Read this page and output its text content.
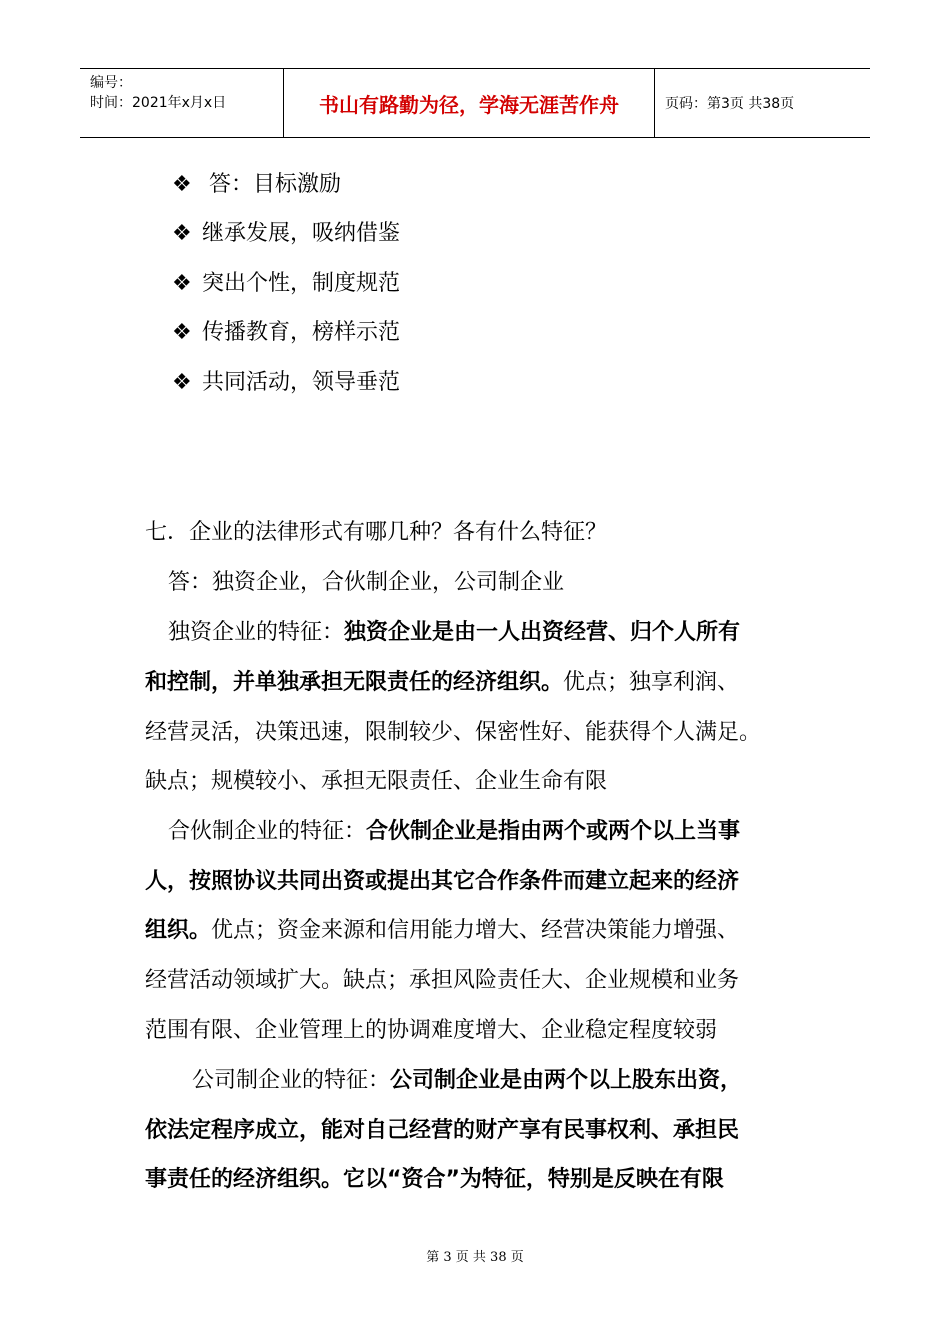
编号：
时间：2021年x月x日	书山有路勤为径，学海无涯苦作舟	页码：第3页 共38页
❖ 答：目标激励
❖ 继承发展，吸纳借鉴
❖ 突出个性，制度规范
❖ 传播教育，榜样示范
❖ 共同活动，领导垂范
七．企业的法律形式有哪几种？各有什么特征？
答：独资企业，合伙制企业，公司制企业
独资企业的特征：独资企业是由一人出资经营、归个人所有
和控制，并单独承担无限责任的经济组织。优点；独享利润、
经营灵活，决策迅速，限制较少、保密性好、能获得个人满足。
缺点；规模较小、承担无限责任、企业生命有限
合伙制企业的特征：合伙制企业是指由两个或两个以上当事
人，按照协议共同出资或提出其它合作条件而建立起来的经济
组织。优点；资金来源和信用能力增大、经营决策能力增强、
经营活动领域扩大。缺点；承担风险责任大、企业规模和业务
范围有限、企业管理上的协调难度增大、企业稳定程度较弱
公司制企业的特征：公司制企业是由两个以上股东出资，
依法定程序成立，能对自己经营的财产享有民事权利、承担民
事责任的经济组织。它以“资合”为特征，特别是反映在有限
第 3 页 共 38 页
